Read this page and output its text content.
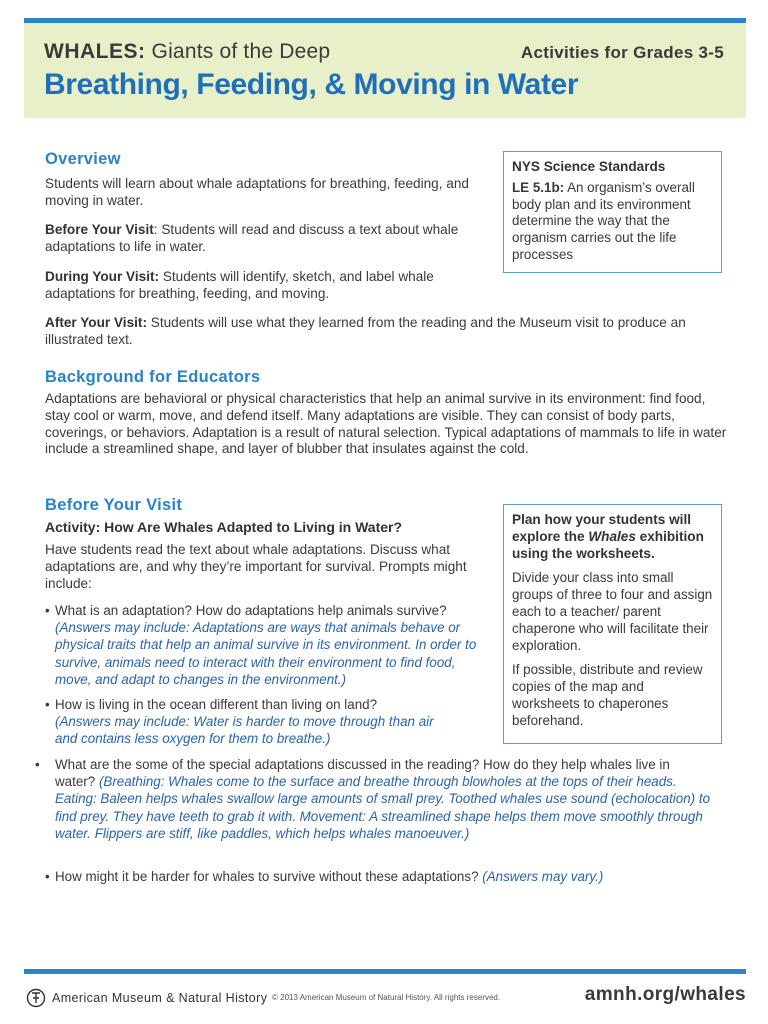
WHALES: Giants of the Deep	Activities for Grades 3-5
Breathing, Feeding, & Moving in Water
Overview
Students will learn about whale adaptations for breathing, feeding, and moving in water.
Before Your Visit: Students will read and discuss a text about whale adaptations to life in water.
During Your Visit: Students will identify, sketch, and label whale adaptations for breathing, feeding, and moving.
After Your Visit: Students will use what they learned from the reading and the Museum visit to produce an illustrated text.
NYS Science Standards
LE 5.1b: An organism’s overall body plan and its environment determine the way that the organism carries out the life processes
Background for Educators
Adaptations are behavioral or physical characteristics that help an animal survive in its environment: find food, stay cool or warm, move, and defend itself. Many adaptations are visible. They can consist of body parts, coverings, or behaviors. Adaptation is a result of natural selection. Typical adaptations of mammals to life in water include a streamlined shape, and layer of blubber that insulates against the cold.
Before Your Visit
Activity: How Are Whales Adapted to Living in Water?
Have students read the text about whale adaptations. Discuss what adaptations are, and why they’re important for survival. Prompts might include:
• What is an adaptation? How do adaptations help animals survive?
(Answers may include: Adaptations are ways that animals behave or physical traits that help an animal survive in its environment. In order to survive, animals need to interact with their environment to find food, move, and adapt to changes in the environment.)
• How is living in the ocean different than living on land?
(Answers may include: Water is harder to move through than air and contains less oxygen for them to breathe.)
• What are the some of the special adaptations discussed in the reading? How do they help whales live in water? (Breathing: Whales come to the surface and breathe through blowholes at the tops of their heads. Eating: Baleen helps whales swallow large amounts of small prey. Toothed whales use sound (echolocation) to find prey. They have teeth to grab it with. Movement: A streamlined shape helps them move smoothly through water. Flippers are stiff, like paddles, which helps whales manoeuver.)
• How might it be harder for whales to survive without these adaptations? (Answers may vary.)

Plan how your students will explore the Whales exhibition using the worksheets.

Divide your class into small groups of three to four and assign each to a teacher/ parent chaperone who will facilitate their exploration.

If possible, distribute and review copies of the map and worksheets to chaperones beforehand.

American Museum & Natural History © 2013 American Museum of Natural History. All rights reserved.	amnh.org/whales
